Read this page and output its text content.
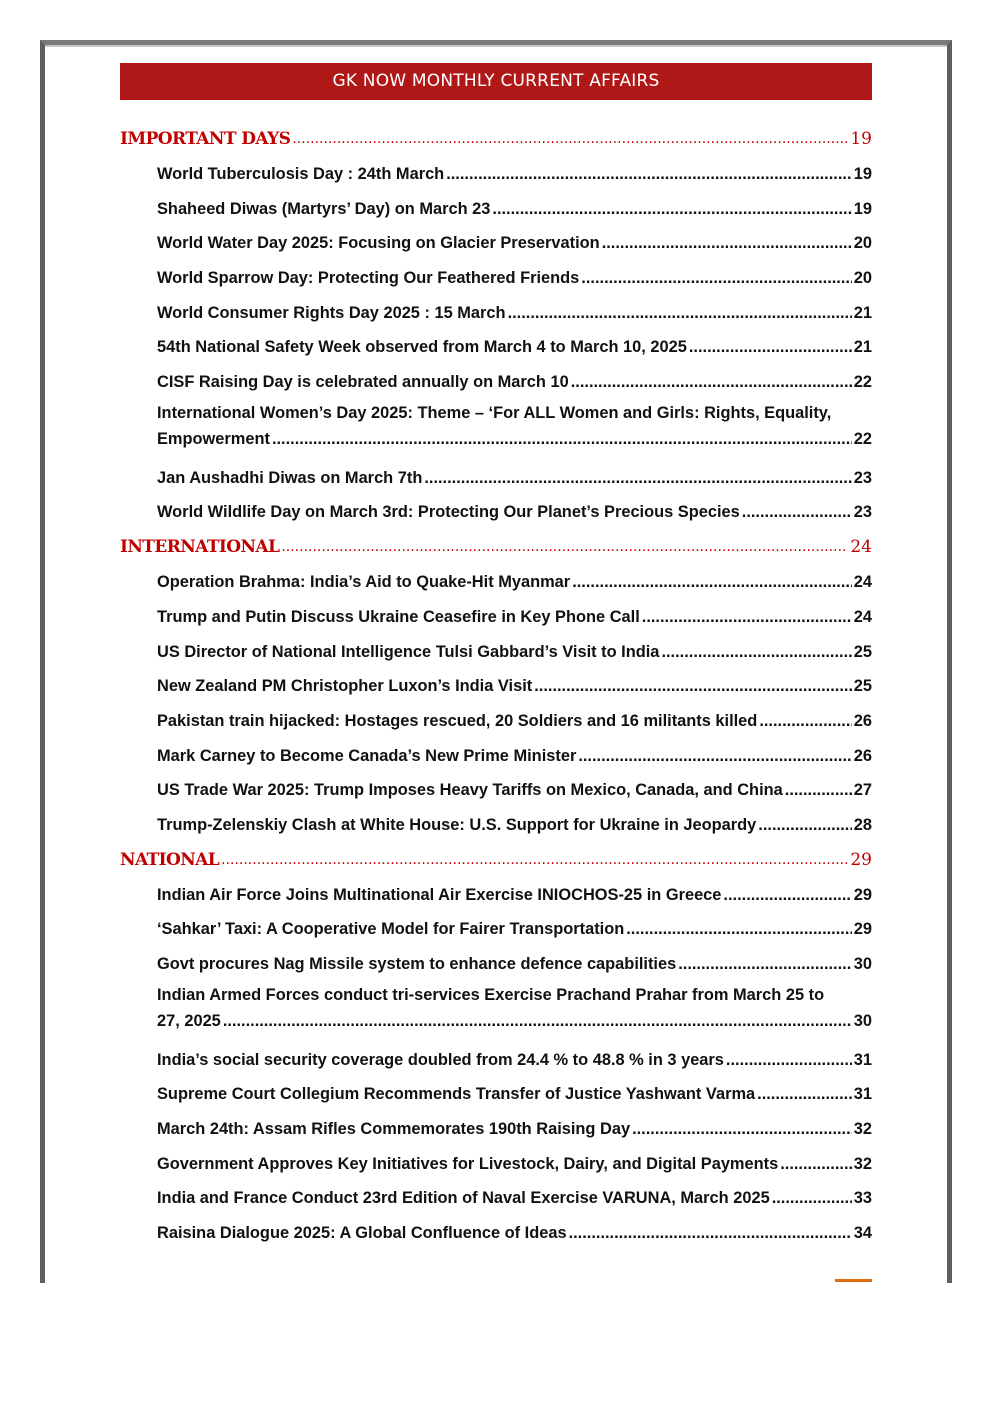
GK NOW MONTHLY CURRENT AFFAIRS
IMPORTANT DAYS .....	19
World Tuberculosis Day : 24th March .....	19
Shaheed Diwas (Martyrs’ Day) on March 23 .....	19
World Water Day 2025: Focusing on Glacier Preservation .....	20
World Sparrow Day: Protecting Our Feathered Friends .....	20
World Consumer Rights Day 2025 : 15 March .....	21
54th National Safety Week observed from March 4 to March 10, 2025 .....	21
CISF Raising Day is celebrated annually on March 10 .....	22
International Women’s Day 2025: Theme – ‘For ALL Women and Girls: Rights, Equality,
Empowerment .....	22
Jan Aushadhi Diwas on March 7th .....	23
World Wildlife Day on March 3rd: Protecting Our Planet’s Precious Species .....	23
INTERNATIONAL .....	24
Operation Brahma: India’s Aid to Quake-Hit Myanmar .....	24
Trump and Putin Discuss Ukraine Ceasefire in Key Phone Call .....	24
US Director of National Intelligence Tulsi Gabbard’s Visit to India .....	25
New Zealand PM Christopher Luxon’s India Visit .....	25
Pakistan train hijacked: Hostages rescued, 20 Soldiers and 16 militants killed .....	26
Mark Carney to Become Canada’s New Prime Minister .....	26
US Trade War 2025: Trump Imposes Heavy Tariffs on Mexico, Canada, and China .....	27
Trump-Zelenskiy Clash at White House: U.S. Support for Ukraine in Jeopardy .....	28
NATIONAL .....	29
Indian Air Force Joins Multinational Air Exercise INIOCHOS-25 in Greece .....	29
‘Sahkar’ Taxi: A Cooperative Model for Fairer Transportation .....	29
Govt procures Nag Missile system to enhance defence capabilities .....	30
Indian Armed Forces conduct tri-services Exercise Prachand Prahar from March 25 to
27, 2025 .....	30
India’s social security coverage doubled from 24.4 % to 48.8 % in 3 years .....	31
Supreme Court Collegium Recommends Transfer of Justice Yashwant Varma .....	31
March 24th: Assam Rifles Commemorates 190th Raising Day .....	32
Government Approves Key Initiatives for Livestock, Dairy, and Digital Payments .....	32
India and France Conduct 23rd Edition of Naval Exercise VARUNA, March 2025 .....	33
Raisina Dialogue 2025: A Global Confluence of Ideas .....	34
